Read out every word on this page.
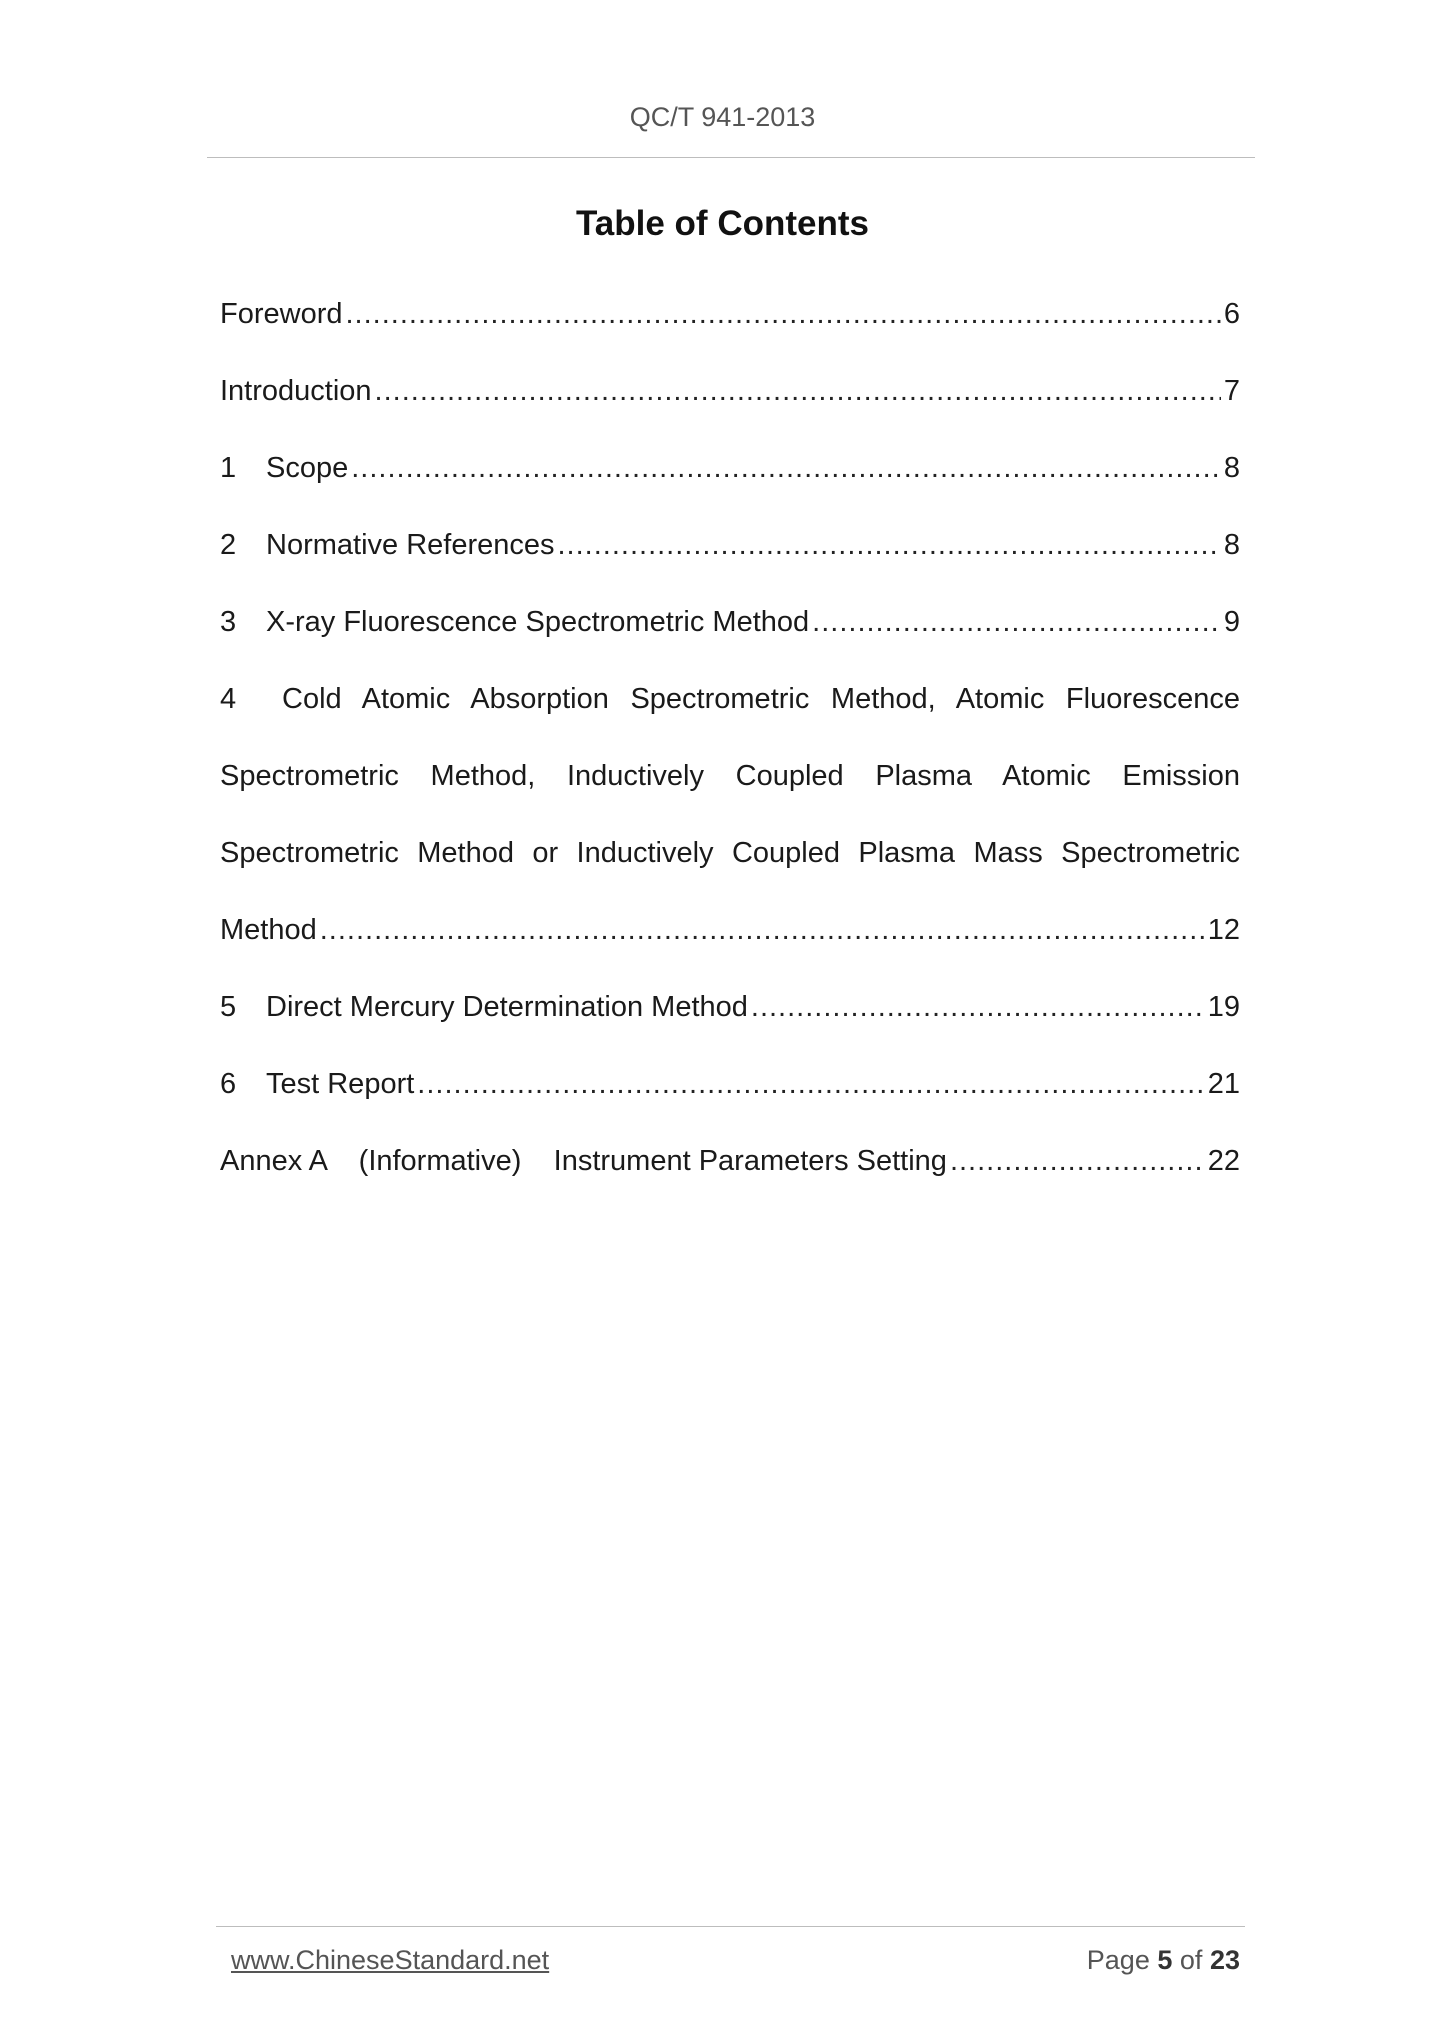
QC/T 941-2013
Table of Contents
Foreword .....	6
Introduction .....	7
1	Scope .....	8
2	Normative References .....	8
3	X-ray Fluorescence Spectrometric Method .....	9
4 Cold Atomic Absorption Spectrometric Method, Atomic Fluorescence
Spectrometric Method, Inductively Coupled Plasma Atomic Emission
Spectrometric Method or Inductively Coupled Plasma Mass Spectrometric
Method .....	12
5	Direct Mercury Determination Method .....	19
6	Test Report .....	21
Annex A    (Informative)    Instrument Parameters Setting .....	22
www.ChineseStandard.net	Page 5 of 23
